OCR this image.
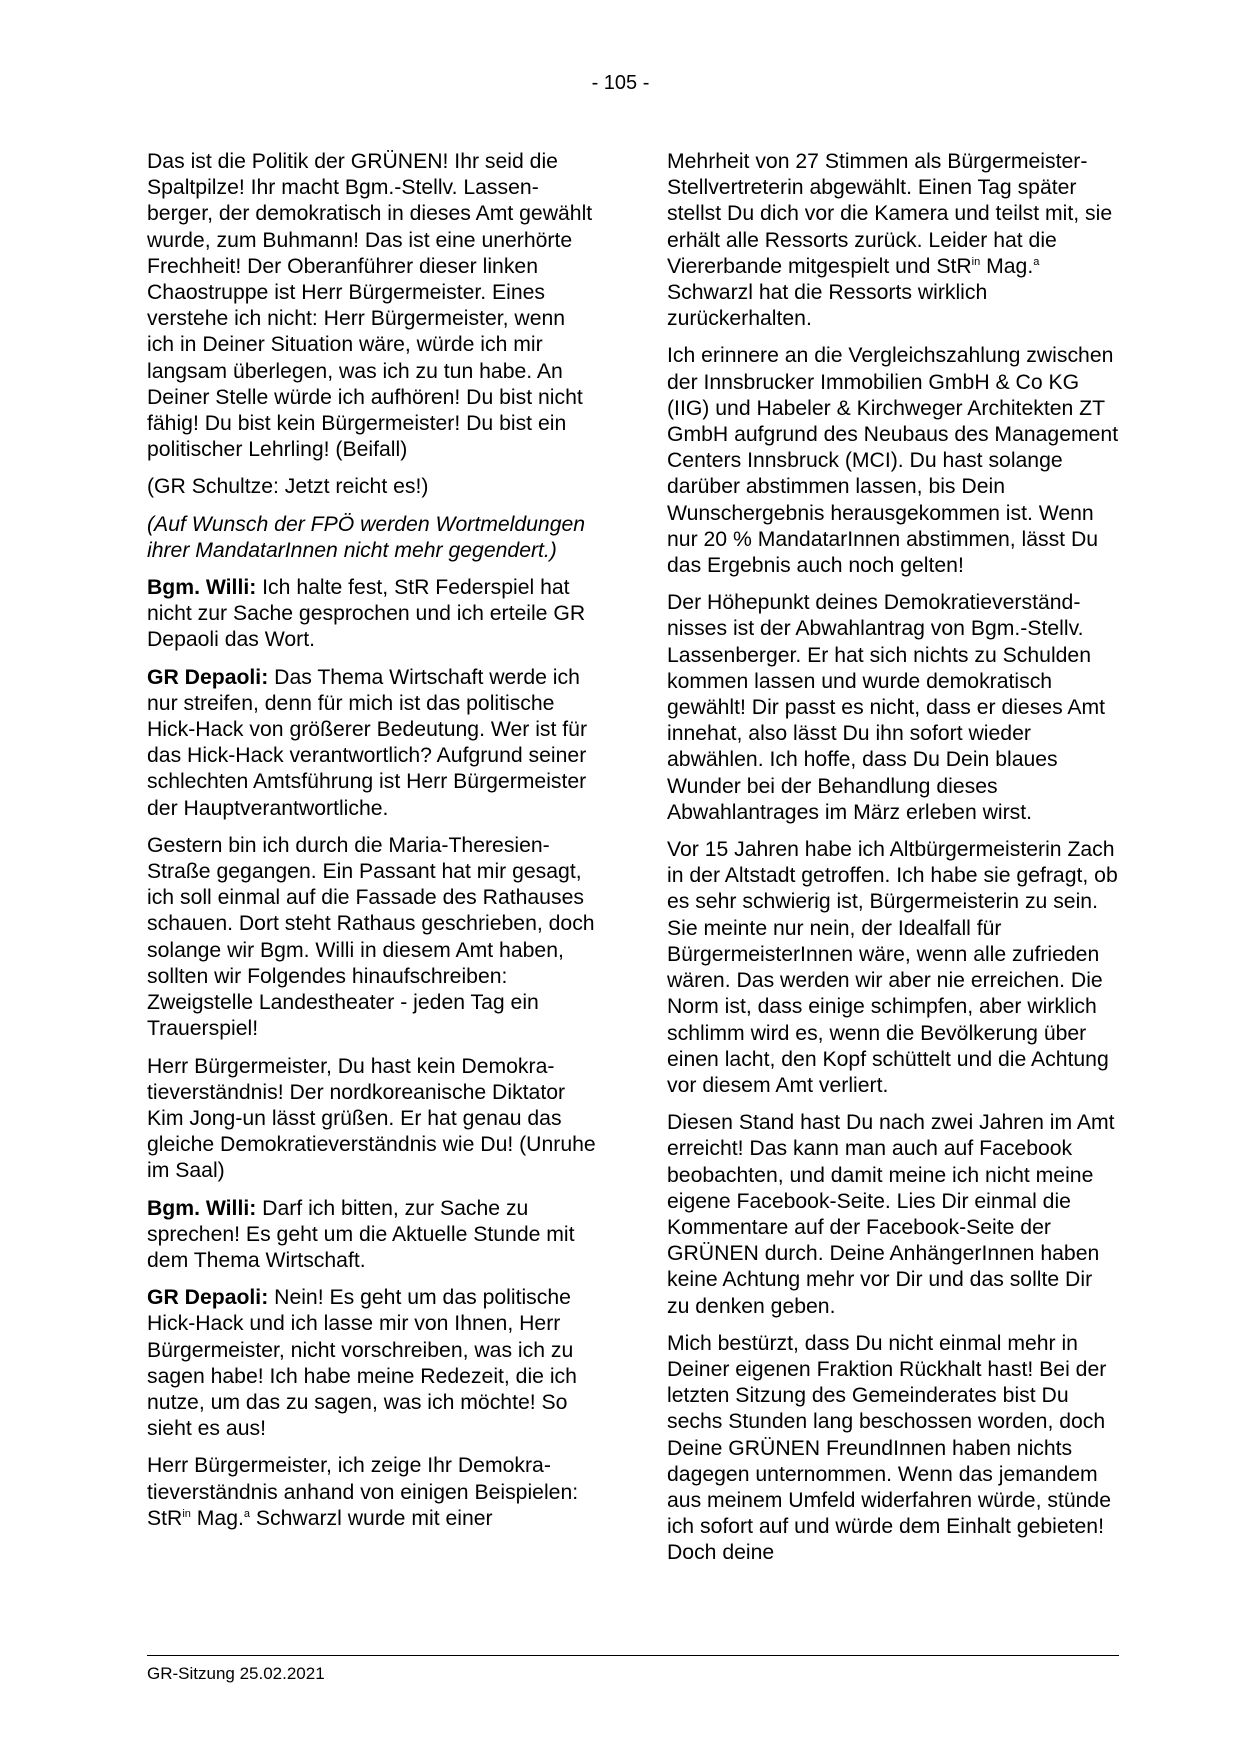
- 105 -

Das ist die Politik der GRÜNEN! Ihr seid die Spaltpilze! Ihr macht Bgm.-Stellv. Lassenberger, der demokratisch in dieses Amt gewählt wurde, zum Buhmann! Das ist eine unerhörte Frechheit! Der Oberanführer dieser linken Chaostruppe ist Herr Bürgermeister. Eines verstehe ich nicht: Herr Bürgermeister, wenn ich in Deiner Situation wäre, würde ich mir langsam überlegen, was ich zu tun habe. An Deiner Stelle würde ich aufhören! Du bist nicht fähig! Du bist kein Bürgermeister! Du bist ein politischer Lehrling! (Beifall)

(GR Schultze: Jetzt reicht es!)

(Auf Wunsch der FPÖ werden Wortmeldungen ihrer MandatarInnen nicht mehr gegendert.)

Bgm. Willi: Ich halte fest, StR Federspiel hat nicht zur Sache gesprochen und ich erteile GR Depaoli das Wort.

GR Depaoli: Das Thema Wirtschaft werde ich nur streifen, denn für mich ist das politische Hick-Hack von größerer Bedeutung. Wer ist für das Hick-Hack verantwortlich? Aufgrund seiner schlechten Amtsführung ist Herr Bürgermeister der Hauptverantwortliche.

Gestern bin ich durch die Maria-Theresien-Straße gegangen. Ein Passant hat mir gesagt, ich soll einmal auf die Fassade des Rathauses schauen. Dort steht Rathaus geschrieben, doch solange wir Bgm. Willi in diesem Amt haben, sollten wir Folgendes hinaufschreiben: Zweigstelle Landestheater - jeden Tag ein Trauerspiel!

Herr Bürgermeister, Du hast kein Demokratieverständnis! Der nordkoreanische Diktator Kim Jong-un lässt grüßen. Er hat genau das gleiche Demokratieverständnis wie Du! (Unruhe im Saal)

Bgm. Willi: Darf ich bitten, zur Sache zu sprechen! Es geht um die Aktuelle Stunde mit dem Thema Wirtschaft.

GR Depaoli: Nein! Es geht um das politische Hick-Hack und ich lasse mir von Ihnen, Herr Bürgermeister, nicht vorschreiben, was ich zu sagen habe! Ich habe meine Redezeit, die ich nutze, um das zu sagen, was ich möchte! So sieht es aus!

Herr Bürgermeister, ich zeige Ihr Demokratieverständnis anhand von einigen Beispielen: StR$^{in}$ Mag.$^a$ Schwarzl wurde mit einer

Mehrheit von 27 Stimmen als Bürgermeister-Stellvertreterin abgewählt. Einen Tag später stellst Du dich vor die Kamera und teilst mit, sie erhält alle Ressorts zurück. Leider hat die Viererbande mitgespielt und StR$^{in}$ Mag.$^a$ Schwarzl hat die Ressorts wirklich zurückerhalten.

Ich erinnere an die Vergleichszahlung zwischen der Innsbrucker Immobilien GmbH & Co KG (IIG) und Habeler & Kirchweger Architekten ZT GmbH aufgrund des Neubaus des Management Centers Innsbruck (MCI). Du hast solange darüber abstimmen lassen, bis Dein Wunschergebnis herausgekommen ist. Wenn nur 20 % MandatarInnen abstimmen, lässt Du das Ergebnis auch noch gelten!

Der Höhepunkt deines Demokratieverständnisses ist der Abwahlantrag von Bgm.-Stellv. Lassenberger. Er hat sich nichts zu Schulden kommen lassen und wurde demokratisch gewählt! Dir passt es nicht, dass er dieses Amt innehat, also lässt Du ihn sofort wieder abwählen. Ich hoffe, dass Du Dein blaues Wunder bei der Behandlung dieses Abwahlantrages im März erleben wirst.

Vor 15 Jahren habe ich Altbürgermeisterin Zach in der Altstadt getroffen. Ich habe sie gefragt, ob es sehr schwierig ist, Bürgermeisterin zu sein. Sie meinte nur nein, der Idealfall für BürgermeisterInnen wäre, wenn alle zufrieden wären. Das werden wir aber nie erreichen. Die Norm ist, dass einige schimpfen, aber wirklich schlimm wird es, wenn die Bevölkerung über einen lacht, den Kopf schüttelt und die Achtung vor diesem Amt verliert.

Diesen Stand hast Du nach zwei Jahren im Amt erreicht! Das kann man auch auf Facebook beobachten, und damit meine ich nicht meine eigene Facebook-Seite. Lies Dir einmal die Kommentare auf der Facebook-Seite der GRÜNEN durch. Deine AnhängerInnen haben keine Achtung mehr vor Dir und das sollte Dir zu denken geben.

Mich bestürzt, dass Du nicht einmal mehr in Deiner eigenen Fraktion Rückhalt hast! Bei der letzten Sitzung des Gemeinderates bist Du sechs Stunden lang beschossen worden, doch Deine GRÜNEN FreundInnen haben nichts dagegen unternommen. Wenn das jemandem aus meinem Umfeld widerfahren würde, stünde ich sofort auf und würde dem Einhalt gebieten! Doch deine

GR-Sitzung 25.02.2021
